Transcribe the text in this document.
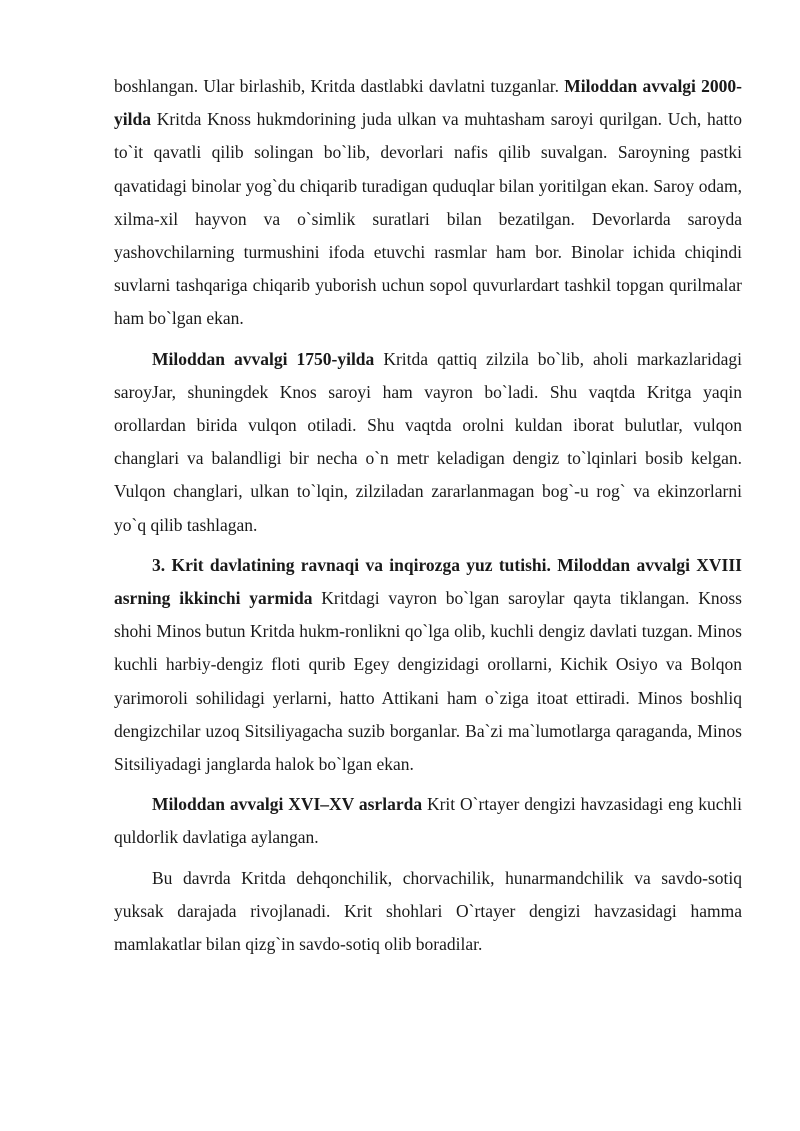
boshlangan. Ular birlashib, Kritda dastlabki davlatni tuzganlar. Miloddan avvalgi 2000-yilda Kritda Knoss hukmdorining juda ulkan va muhtasham saroyi qurilgan. Uch, hatto to`it qavatli qilib solingan bo`lib, devorlari nafis qilib suvalgan. Saroyning pastki qavatidagi binolar yog`du chiqarib turadigan quduqlar bilan yoritilgan ekan. Saroy odam, xilma-xil hayvon va o`simlik suratlari bilan bezatilgan. Devorlarda saroyda yashovchilarning turmushini ifoda etuvchi rasmlar ham bor. Binolar ichida chiqindi suvlarni tashqariga chiqarib yuborish uchun sopol quvurlardart tashkil topgan qurilmalar ham bo`lgan ekan.

Miloddan avvalgi 1750-yilda Kritda qattiq zilzila bo`lib, aholi markazlaridagi saroyJar, shuningdek Knos saroyi ham vayron bo`ladi. Shu vaqtda Kritga yaqin orollardan birida vulqon otiladi. Shu vaqtda orolni kuldan iborat bulutlar, vulqon changlari va balandligi bir necha o`n metr keladigan dengiz to`lqinlari bosib kelgan. Vulqon changlari, ulkan to`lqin, zilziladan zararlanmagan bog`-u rog` va ekinzorlarni yo`q qilib tashlagan.

3. Krit davlatining ravnaqi va inqirozga yuz tutishi. Miloddan avvalgi XVIII asrning ikkinchi yarmida Kritdagi vayron bo`lgan saroylar qayta tiklangan. Knoss shohi Minos butun Kritda hukm-ronlikni qo`lga olib, kuchli dengiz davlati tuzgan. Minos kuchli harbiy-dengiz floti qurib Egey dengizidagi orollarni, Kichik Osiyo va Bolqon yarimoroli sohilidagi yerlarni, hatto Attikani ham o`ziga itoat ettiradi. Minos boshliq dengizchilar uzoq Sitsiliyagacha suzib borganlar. Ba`zi ma`lumotlarga qaraganda, Minos Sitsiliyadagi janglarda halok bo`lgan ekan.

Miloddan avvalgi XVI–XV asrlarda Krit O`rtayer dengizi havzasidagi eng kuchli quldorlik davlatiga aylangan.

Bu davrda Kritda dehqonchilik, chorvachilik, hunarmandchilik va savdo-sotiq yuksak darajada rivojlanadi. Krit shohlari O`rtayer dengizi havzasidagi hamma mamlakatlar bilan qizg`in savdo-sotiq olib boradilar.
